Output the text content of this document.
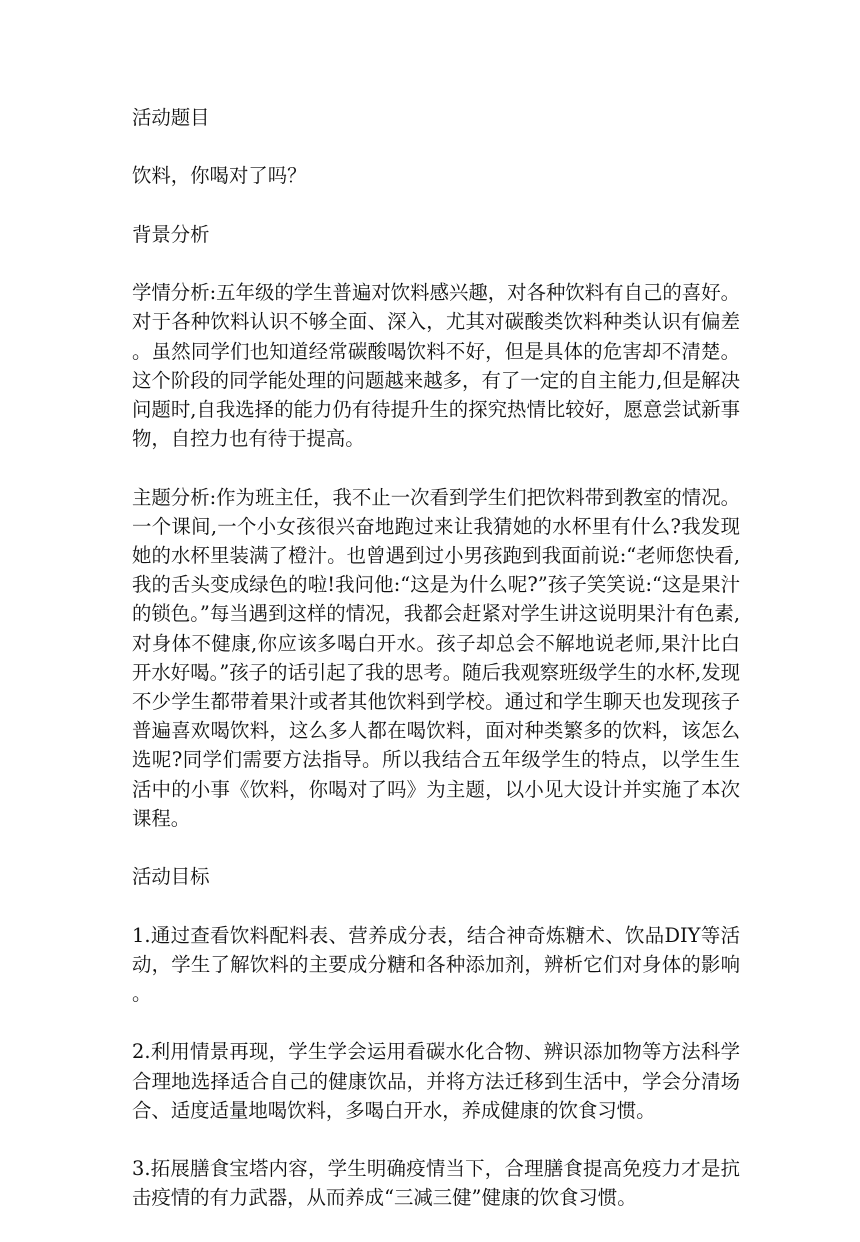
活动题目

饮料，你喝对了吗？

背景分析

学情分析:五年级的学生普遍对饮料感兴趣，对各种饮料有自己的喜好。对于各种饮料认识不够全面、深入，尤其对碳酸类饮料种类认识有偏差。虽然同学们也知道经常碳酸喝饮料不好，但是具体的危害却不清楚。这个阶段的同学能处理的问题越来越多，有了一定的自主能力,但是解决问题时,自我选择的能力仍有待提升生的探究热情比较好，愿意尝试新事物，自控力也有待于提高。

主题分析:作为班主任，我不止一次看到学生们把饮料带到教室的情况。一个课间,一个小女孩很兴奋地跑过来让我猜她的水杯里有什么?我发现她的水杯里装满了橙汁。也曾遇到过小男孩跑到我面前说:“老师您快看,我的舌头变成绿色的啦!我问他:“这是为什么呢?”孩子笑笑说:“这是果汁的锁色。”每当遇到这样的情况，我都会赶紧对学生讲这说明果汁有色素,对身体不健康,你应该多喝白开水。孩子却总会不解地说老师,果汁比白开水好喝。”孩子的话引起了我的思考。随后我观察班级学生的水杯,发现不少学生都带着果汁或者其他饮料到学校。通过和学生聊天也发现孩子普遍喜欢喝饮料，这么多人都在喝饮料，面对种类繁多的饮料，该怎么选呢?同学们需要方法指导。所以我结合五年级学生的特点，以学生生活中的小事《饮料，你喝对了吗》为主题，以小见大设计并实施了本次课程。

活动目标

1.通过查看饮料配料表、营养成分表，结合神奇炼糖术、饮品DIY等活动，学生了解饮料的主要成分糖和各种添加剂，辨析它们对身体的影响。

2.利用情景再现，学生学会运用看碳水化合物、辨识添加物等方法科学合理地选择适合自己的健康饮品，并将方法迁移到生活中，学会分清场合、适度适量地喝饮料，多喝白开水，养成健康的饮食习惯。

3.拓展膳食宝塔内容，学生明确疫情当下，合理膳食提高免疫力才是抗击疫情的有力武器，从而养成“三减三健”健康的饮食习惯。
